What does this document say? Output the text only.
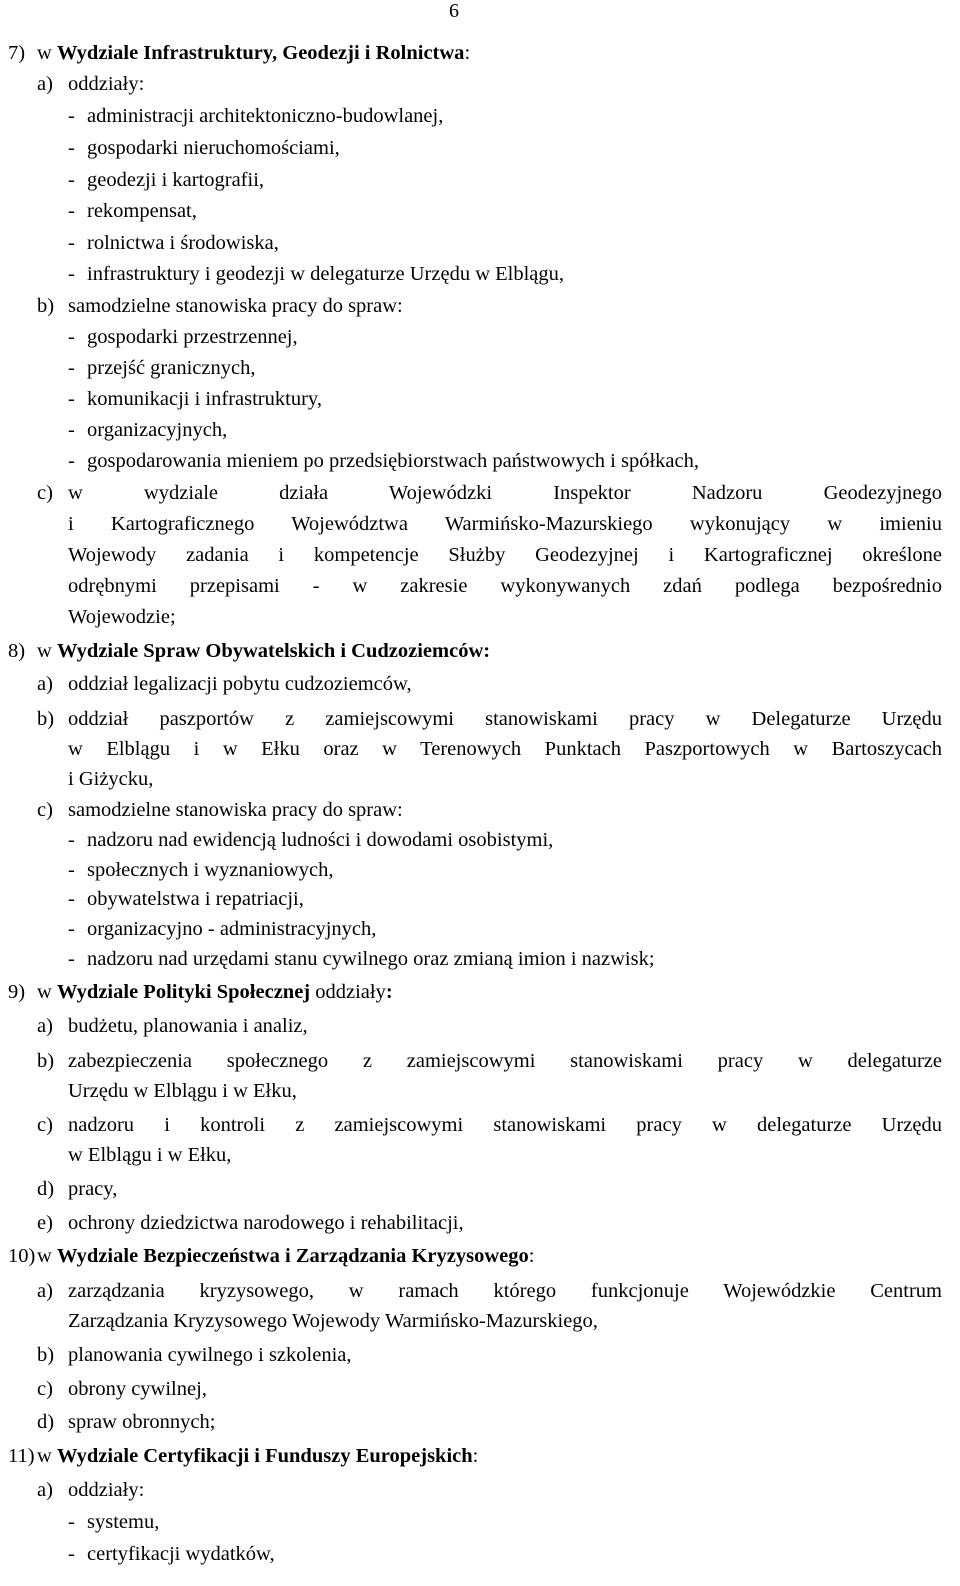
6
7) w Wydziale Infrastruktury, Geodezji i Rolnictwa:
a) oddziały:
- administracji architektoniczno-budowlanej,
- gospodarki nieruchomościami,
- geodezji i kartografii,
- rekompensat,
- rolnictwa i środowiska,
- infrastruktury i geodezji w delegaturze Urzędu w Elblągu,
b) samodzielne stanowiska pracy do spraw:
- gospodarki przestrzennej,
- przejść granicznych,
- komunikacji i infrastruktury,
- organizacyjnych,
- gospodarowania mieniem po przedsiębiorstwach państwowych i spółkach,
c) w wydziale działa Wojewódzki Inspektor Nadzoru Geodezyjnego
i Kartograficznego Województwa Warmińsko-Mazurskiego wykonujący w imieniu
Wojewody zadania i kompetencje Służby Geodezyjnej i Kartograficznej określone
odrębnymi przepisami - w zakresie wykonywanych zdań podlega bezpośrednio
Wojewodzie;
8) w Wydziale Spraw Obywatelskich i Cudzoziemców:
a) oddział legalizacji pobytu cudzoziemców,
b) oddział paszportów z zamiejscowymi stanowiskami pracy w Delegaturze Urzędu
w Elblągu i w Ełku oraz w Terenowych Punktach Paszportowych w Bartoszycach
i Giżycku,
c) samodzielne stanowiska pracy do spraw:
- nadzoru nad ewidencją ludności i dowodami osobistymi,
- społecznych i wyznaniowych,
- obywatelstwa i repatriacji,
- organizacyjno - administracyjnych,
- nadzoru nad urzędami stanu cywilnego oraz zmianą imion i nazwisk;
9) w Wydziale Polityki Społecznej oddziały:
a) budżetu, planowania i analiz,
b) zabezpieczenia społecznego z zamiejscowymi stanowiskami pracy w delegaturze
Urzędu w Elblągu i w Ełku,
c) nadzoru i kontroli z zamiejscowymi stanowiskami pracy w delegaturze Urzędu
w Elblągu i w Ełku,
d) pracy,
e) ochrony dziedzictwa narodowego i rehabilitacji,
10) w Wydziale Bezpieczeństwa i Zarządzania Kryzysowego:
a) zarządzania kryzysowego, w ramach którego funkcjonuje Wojewódzkie Centrum
Zarządzania Kryzysowego Wojewody Warmińsko-Mazurskiego,
b) planowania cywilnego i szkolenia,
c) obrony cywilnej,
d) spraw obronnych;
11) w Wydziale Certyfikacji i Funduszy Europejskich:
a) oddziały:
- systemu,
- certyfikacji wydatków,
